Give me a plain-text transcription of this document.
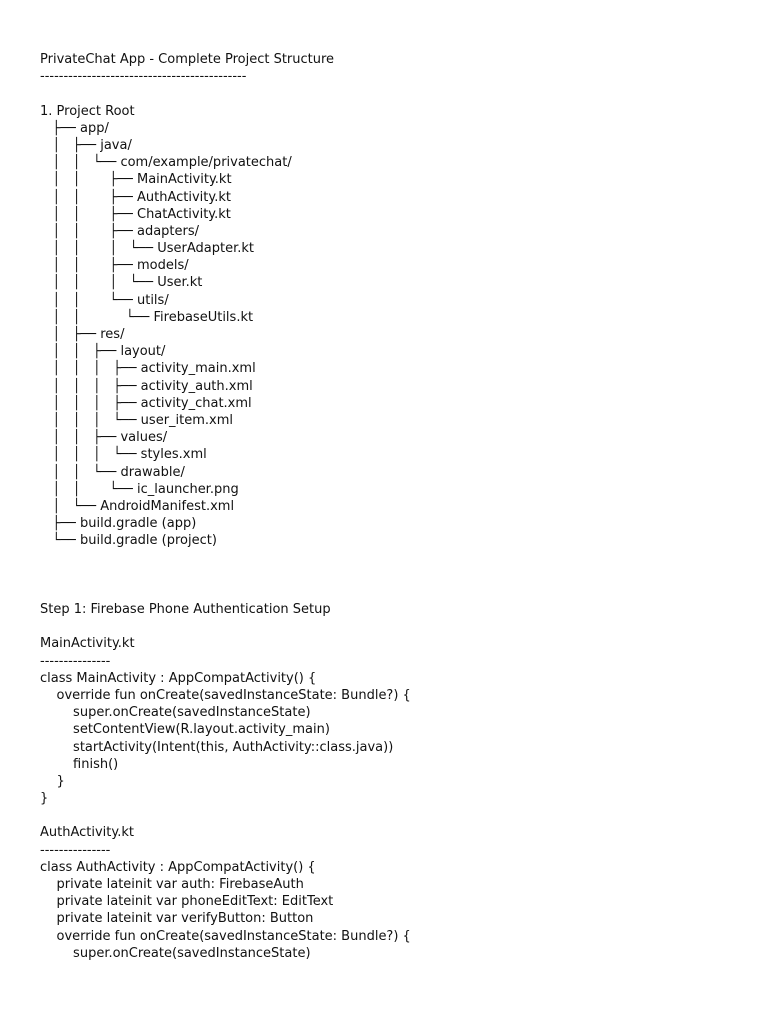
PrivateChat App - Complete Project Structure
--------------------------------------------
1. Project Root
├── app/
│   ├── java/
│   │   └── com/example/privatechat/
│   │       ├── MainActivity.kt
│   │       ├── AuthActivity.kt
│   │       ├── ChatActivity.kt
│   │       ├── adapters/
│   │       │   └── UserAdapter.kt
│   │       ├── models/
│   │       │   └── User.kt
│   │       └── utils/
│   │           └── FirebaseUtils.kt
│   ├── res/
│   │   ├── layout/
│   │   │   ├── activity_main.xml
│   │   │   ├── activity_auth.xml
│   │   │   ├── activity_chat.xml
│   │   │   └── user_item.xml
│   │   ├── values/
│   │   │   └── styles.xml
│   │   └── drawable/
│   │       └── ic_launcher.png
│   └── AndroidManifest.xml
├── build.gradle (app)
└── build.gradle (project)
Step 1: Firebase Phone Authentication Setup
MainActivity.kt
---------------
class MainActivity : AppCompatActivity() {
override fun onCreate(savedInstanceState: Bundle?) {
super.onCreate(savedInstanceState)
setContentView(R.layout.activity_main)
startActivity(Intent(this, AuthActivity::class.java))
finish()
}
}
AuthActivity.kt
---------------
class AuthActivity : AppCompatActivity() {
private lateinit var auth: FirebaseAuth
private lateinit var phoneEditText: EditText
private lateinit var verifyButton: Button
override fun onCreate(savedInstanceState: Bundle?) {
super.onCreate(savedInstanceState)
